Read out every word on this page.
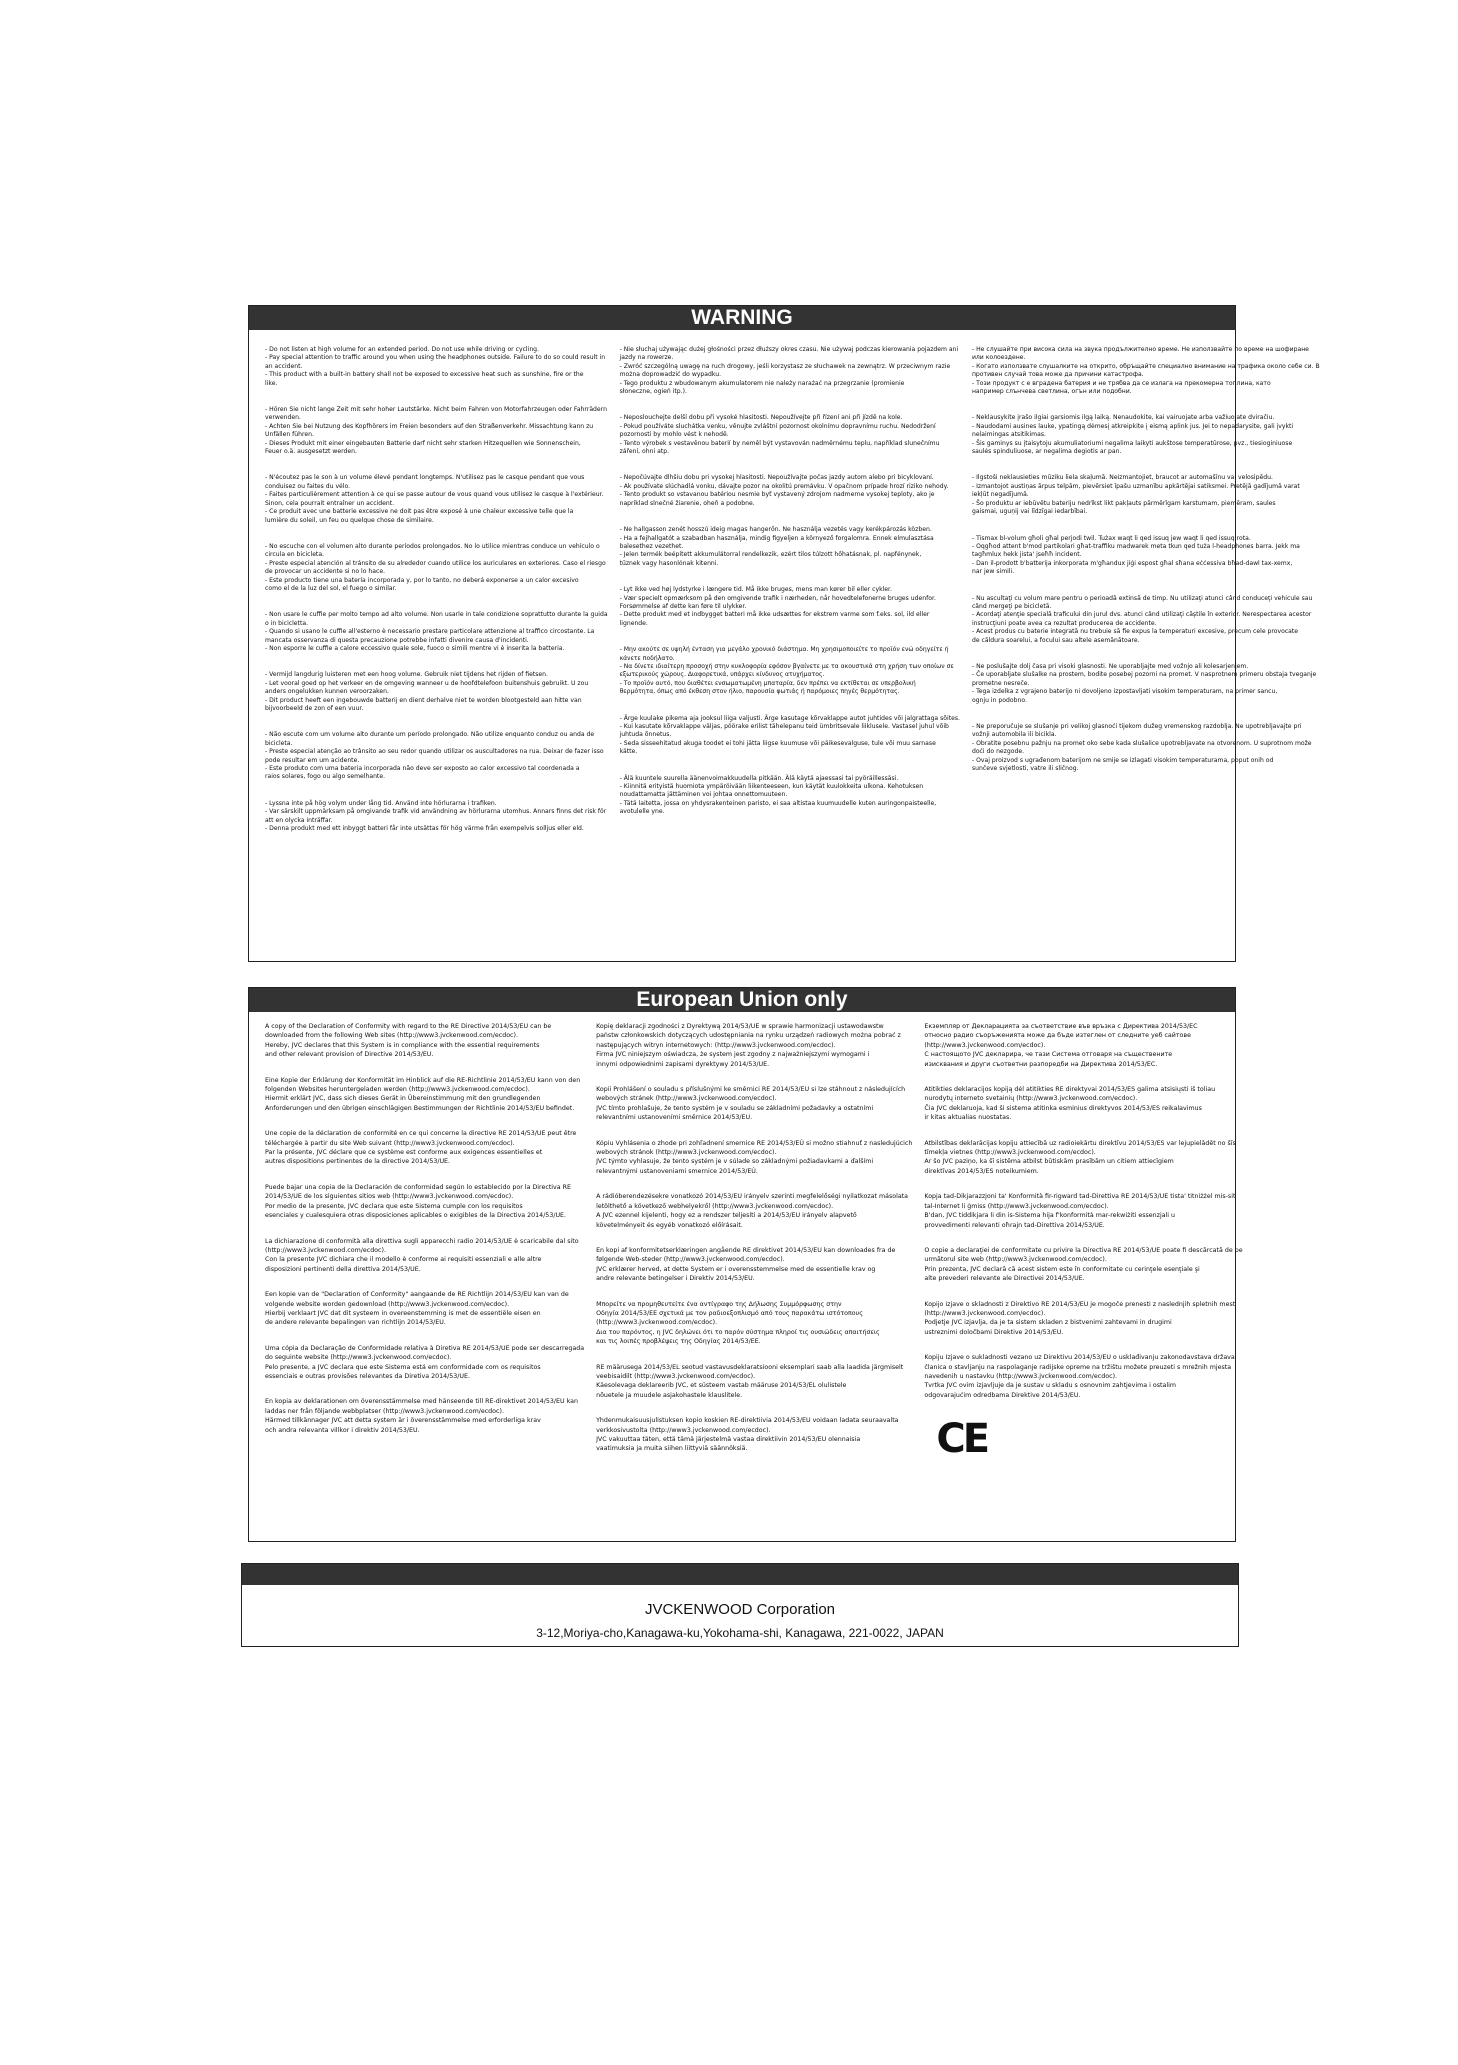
WARNING
- Do not listen at high volume for an extended period. Do not use while driving or cycling.
- Pay special attention to traffic around you when using the headphones outside. Failure to do so could result in
an accident.
- This product with a built-in battery shall not be exposed to excessive heat such as sunshine, fire or the
like.
- Hören Sie nicht lange Zeit mit sehr hoher Lautstärke. Nicht beim Fahren von Motorfahrzeugen oder Fahrrädern
verwenden.
- Achten Sie bei Nutzung des Kopfhörers im Freien besonders auf den Straßenverkehr. Missachtung kann zu
Unfällen führen.
- Dieses Produkt mit einer eingebauten Batterie darf nicht sehr starken Hitzequellen wie Sonnenschein,
Feuer o.ä. ausgesetzt werden.
- N'écoutez pas le son à un volume élevé pendant longtemps. N'utilisez pas le casque pendant que vous
conduisez ou faites du vélo.
- Faites particulièrement attention à ce qui se passe autour de vous quand vous utilisez le casque à l'extérieur.
Sinon, cela pourrait entraîner un accident.
- Ce produit avec une batterie excessive ne doit pas être exposé à une chaleur excessive telle que la
lumière du soleil, un feu ou quelque chose de similaire.
- No escuche con el volumen alto durante períodos prolongados. No lo utilice mientras conduce un vehículo o
circula en bicicleta.
- Preste especial atención al tránsito de su alrededor cuando utilice los auriculares en exteriores. Caso el riesgo
de provocar un accidente si no lo hace.
- Este producto tiene una batería incorporada y, por lo tanto, no deberá exponerse a un calor excesivo
como el de la luz del sol, el fuego o similar.
- Non usare le cuffie per molto tempo ad alto volume. Non usarle in tale condizione soprattutto durante la guida
o in bicicletta.
- Quando si usano le cuffie all'esterno è necessario prestare particolare attenzione al traffico circostante. La
mancata osservanza di questa precauzione potrebbe infatti divenire causa d'incidenti.
- Non esporre le cuffie a calore eccessivo quale sole, fuoco o simili mentre vi è inserita la batteria.
- Vermijd langdurig luisteren met een hoog volume. Gebruik niet tijdens het rijden of fietsen.
- Let vooral goed op het verkeer en de omgeving wanneer u de hoofdtelefoon buitenshuis gebruikt. U zou
anders ongelukken kunnen veroorzaken.
- Dit product heeft een ingebouwde batterij en dient derhalve niet te worden blootgesteld aan hitte van
bijvoorbeeld de zon of een vuur.
- Não escute com um volume alto durante um período prolongado. Não utilize enquanto conduz ou anda de
bicicleta.
- Preste especial atenção ao trânsito ao seu redor quando utilizar os auscultadores na rua. Deixar de fazer isso
pode resultar em um acidente.
- Este produto com uma bateria incorporada não deve ser exposto ao calor excessivo tal coordenada a
raios solares, fogo ou algo semelhante.
- Lyssna inte på hög volym under lång tid. Använd inte hörlurarna i trafiken.
- Var särskilt uppmärksam på omgivande trafik vid användning av hörlurarna utomhus. Annars finns det risk för
att en olycka inträffar.
- Denna produkt med ett inbyggt batteri får inte utsättas för hög värme från exempelvis solljus eller eld.
- Nie słuchaj używając dużej głośności przez dłuższy okres czasu. Nie używaj podczas kierowania pojazdem ani
jazdy na rowerze.
- Zwróć szczególną uwagę na ruch drogowy, jeśli korzystasz ze słuchawek na zewnątrz. W przeciwnym razie
można doprowadzić do wypadku.
- Tego produktu z wbudowanym akumulatorem nie należy narażać na przegrzanie (promienie
słoneczne, ogień itp.).
- Neposlouchejte delší dobu při vysoké hlasitosti. Nepoužívejte při řízení ani při jízdě na kole.
- Pokud používáte sluchátka venku, věnujte zvláštní pozornost okolnímu dopravnímu ruchu. Nedodržení
pozornosti by mohlo vést k nehodě.
- Tento výrobek s vestavěnou baterií by neměl být vystavován nadměrnému teplu, například slunečnímu
záření, ohni atp.
- Nepočúvajte dlhšiu dobu pri vysokej hlasitosti. Nepoužívajte počas jazdy autom alebo pri bicyklovaní.
- Ak používate slúchadlá vonku, dávajte pozor na okolitú premávku. V opačnom prípade hrozí riziko nehody.
- Tento produkt so vstavanou batériou nesmie byť vystavený zdrojom nadmerne vysokej teploty, ako je
napríklad slnečné žiarenie, oheň a podobne.
- Ne hallgasson zenét hosszú ideig magas hangerőn. Ne használja vezetés vagy kerékpározás közben.
- Ha a fejhallgatót a szabadban használja, mindig figyeljen a környező forgalomra. Ennek elmulasztása
balesethez vezethet.
- Jelen termék beépített akkumulátorral rendelkezik, ezért tilos túlzott hőhatásnak, pl. napfénynek,
tűznek vagy hasonlónak kitenni.
- Lyt ikke ved høj lydstyrke i længere tid. Må ikke bruges, mens man kører bil eller cykler.
- Vær specielt opmærksom på den omgivende trafik i nærheden, når hovedtelefonerne bruges udenfor.
Forsømmelse af dette kan føre til ulykker.
- Dette produkt med et indbygget batteri må ikke udsættes for ekstrem varme som f.eks. sol, ild eller
lignende.
- Μην ακούτε σε υψηλή ένταση για μεγάλο χρονικό διάστημα. Μη χρησιμοποιείτε το προϊόν ενώ οδηγείτε ή
κάνετε ποδήλατο.
- Να δίνετε ιδιαίτερη προσοχή στην κυκλοφορία εφόσον βγαίνετε με τα ακουστικά στη χρήση των οποίων σε
εξωτερικούς χώρους. Διαφορετικά, υπάρχει κίνδυνος ατυχήματος.
- Το προϊόν αυτό, που διαθέτει ενσωματωμένη μπαταρία, δεν πρέπει να εκτίθεται σε υπερβολική
θερμότητα, όπως από έκθεση στον ήλιο, παρουσία φωτιάς ή παρόμοιες πηγές θερμότητας.
- Ärge kuulake pikema aja jooksul liiga valjusti. Ärge kasutage kõrvaklappe autot juhtides või jalgrattaga sõites.
- Kui kasutate kõrvaklappe väljas, pöörake erilist tähelepanu teid ümbritsevale liiklusele. Vastasel juhul võib
juhtuda õnnetus.
- Seda sisseehitatud akuga toodet ei tohi jätta liigse kuumuse või päikesevalguse, tule või muu sarnase
kätte.
- Älä kuuntele suurella äänenvoimakkuudella pitkään. Älä käytä ajaessasi tai pyöräillessäsi.
- Kiinnitä erityistä huomiota ympäröivään liikenteeseen, kun käytät kuulokkeita ulkona. Kehotuksen
noudattamatta jättäminen voi johtaa onnettomuuteen.
- Tätä laitetta, jossa on yhdysrakenteinen paristo, ei saa altistaa kuumuudelle kuten auringonpaisteelle,
avotulelle yne.
- Не слушайте при висока сила на звука продължително време. Не използвайте по време на шофиране
или колоездене.
- Когато използвате слушалките на открито, обръщайте специално внимание на трафика около себе си. В
противен случай това може да причини катастрофа.
- Този продукт с е вградена батерия и не трябва да се излага на прекомерна топлина, като
например слънчева светлина, огън или подобни.
- Neklausykite įrašo ilgiai garsiomis ilgą laiką. Nenaudokite, kai vairuojate arba važiuojate dviračiu.
- Naudodami ausines lauke, ypatingą dėmesį atkreipkite į eismą aplink jus. Jei to nepadarysite, gali įvykti
nelaimingas atsitikimas.
- Šis gaminys su įtaisytoju akumuliatoriumi negalima laikyti aukštose temperatūrose, pvz., tiesioginiuose
saulės spinduliuose, ar negalima degiotis ar pan.
- Ilgstoši neklausieties mūziku liela skaļumā. Neizmantojiet, braucot ar automašīnu vai velosipēdu.
- Izmantojot austiņas ārpus telpām, pievērsiet īpašu uzmanību apkārtējai satiksmei. Pretējā gadījumā varat
iekļūt negadījumā.
- Šo produktu ar iebūvētu bateriju nedrīkst likt pakļauts pārmērīgam karstumam, piemēram, saules
gaismai, uguņij vai līdzīgai iedarbībai.
- Tismax bl-volum għoli għal perjodi twil. Tużax waqt li qed issuq jew waqt li qed issuq rota.
- Oqgħod attent b'mod partikolari għat-traffiku madwarek meta tkun qed tuża l-headphones barra. Jekk ma
tagħmlux hekk jista' jseħħ incident.
- Dan il-prodott b'batterija inkorporata m'għandux jiġi espost għal sħana eċċessiva bħad-dawl tax-xemx,
nar jew simili.
- Nu ascultaţi cu volum mare pentru o perioadă extinsă de timp. Nu utilizaţi atunci când conduceţi vehicule sau
când mergeţi pe bicicletă.
- Acordaţi atenţie specială traficului din jurul dvs. atunci când utilizaţi căştile în exterior. Nerespectarea acestor
instrucţiuni poate avea ca rezultat producerea de accidente.
- Acest produs cu baterie integrată nu trebuie să fie expus la temperaturi excesive, precum cele provocate
de căldura soarelui, a focului sau altele asemănătoare.
- Ne poslušajte dolj časa pri visoki glasnosti. Ne uporabljajte med vožnjo ali kolesarjenjem.
- Če uporabljate slušalke na prostem, bodite posebej pozorni na promet. V nasprotnem primeru obstaja tveganje
prometne nesreče.
- Tega izdelka z vgrajeno baterijo ni dovoljeno izpostavljati visokim temperaturam, na primer sancu,
ognju in podobno.
- Ne preporučuje se slušanje pri velikoj glasnoći tijekom dužeg vremenskog razdoblja. Ne upotrebljavajte pri
vožnji automobila ili bicikla.
- Obratite posebnu pažnju na promet oko sebe kada slušalice upotrebljavate na otvorenom. U suprotnom može
doći do nezgode.
- Ovaj proizvod s ugrađenom baterijom ne smije se izlagati visokim temperaturama, poput onih od
sunčeve svjetlosti, vatre ili sličnog.
European Union only
A copy of the Declaration of Conformity with regard to the RE Directive 2014/53/EU can be
downloaded from the following Web sites (http://www3.jvckenwood.com/ecdoc).
Hereby, JVC declares that this System is in compliance with the essential requirements
and other relevant provision of Directive 2014/53/EU.
Eine Kopie der Erklärung der Konformität im Hinblick auf die RE-Richtlinie 2014/53/EU kann von den
folgenden Websites heruntergeladen werden (http://www3.jvckenwood.com/ecdoc).
Hiermit erklärt JVC, dass sich dieses Gerät in Übereinstimmung mit den grundlegenden
Anforderungen und den übrigen einschlägigen Bestimmungen der Richtlinie 2014/53/EU befindet.
Une copie de la déclaration de conformité en ce qui concerne la directive RE 2014/53/UE peut être
téléchargée à partir du site Web suivant (http://www3.jvckenwood.com/ecdoc).
Par la présente, JVC déclare que ce système est conforme aux exigences essentielles et
autres dispositions pertinentes de la directive 2014/53/UE.
Puede bajar una copia de la Declaración de conformidad según lo establecido por la Directiva RE
2014/53/UE de los siguientes sitios web (http://www3.jvckenwood.com/ecdoc).
Por medio de la presente, JVC declara que este Sistema cumple con los requisitos
esenciales y cualesquiera otras disposiciones aplicables o exigibles de la Directiva 2014/53/UE.
La dichiarazione di conformità alla direttiva sugli apparecchi radio 2014/53/UE è scaricabile dal sito
(http://www3.jvckenwood.com/ecdoc).
Con la presente JVC dichiara che il modello è conforme ai requisiti essenziali e alle altre
disposizioni pertinenti della direttiva 2014/53/UE.
Een kopie van de "Declaration of Conformity" aangaande de RE Richtlijn 2014/53/EU kan van de
volgende website worden gedownload (http://www3.jvckenwood.com/ecdoc).
Hierbij verklaart JVC dat dit systeem in overeenstemming is met de essentiële eisen en
de andere relevante bepalingen van richtlijn 2014/53/EU.
Uma cópia da Declaração de Conformidade relativa à Diretiva RE 2014/53/UE pode ser descarregada
do seguinte website (http://www3.jvckenwood.com/ecdoc).
Pelo presente, a JVC declara que este Sistema está em conformidade com os requisitos
essenciais e outras provisões relevantes da Diretiva 2014/53/UE.
En kopia av deklarationen om överensstämmelse med hänseende till RE-direktivet 2014/53/EU kan
laddas ner från följande webbplatser (http://www3.jvckenwood.com/ecdoc).
Härmed tillkännager JVC att detta system är i överensstämmelse med erforderliga krav
och andra relevanta villkor i direktiv 2014/53/EU.
Kopię deklaracji zgodności z Dyrektywą 2014/53/UE w sprawie harmonizacji ustawodawstw
państw członkowskich dotyczących udostępniania na rynku urządzeń radiowych można pobrać z
następujących witryn internetowych: (http://www3.jvckenwood.com/ecdoc).
Firma JVC niniejszym oświadcza, że system jest zgodny z najważniejszymi wymogami i
innymi odpowiednimi zapisami dyrektywy 2014/53/UE.
Kopii Prohlášení o souladu s příslušnými ke směrnici RE 2014/53/EU si lze stáhnout z následujících
webových stránek (http://www3.jvckenwood.com/ecdoc).
JVC tímto prohlašuje, že tento systém je v souladu se základními požadavky a ostatními
relevantními ustanoveními směrnice 2014/53/EU.
Kópiu Vyhlásenia o zhode pri zohľadnení smernice RE 2014/53/EÚ si možno stiahnuť z nasledujúcich
webových stránok (http://www3.jvckenwood.com/ecdoc).
JVC týmto vyhlasuje, že tento systém je v súlade so základnými požiadavkami a ďalšími
relevantnými ustanoveniami smernice 2014/53/EÚ.
A rádióberendezésekre vonatkozó 2014/53/EU irányelv szerinti megfelelőségi nyilatkozat másolata
letölthető a következő webhelyekről (http://www3.jvckenwood.com/ecdoc).
A JVC ezennel kijelenti, hogy ez a rendszer teljesíti a 2014/53/EU irányelv alapvető
követelményeit és egyéb vonatkozó előírásait.
En kopi af konformitetserklæringen angående RE direktivet 2014/53/EU kan downloades fra de
følgende Web-steder (http://www3.jvckenwood.com/ecdoc).
JVC erklærer herved, at dette System er i overensstemmelse med de essentielle krav og
andre relevante betingelser i Direktiv 2014/53/EU.
Μπορείτε να προμηθευτείτε ένα αντίγραφο της Δήλωσης Συμμόρφωσης στην
Οδηγία 2014/53/ΕΕ σχετικά με τον ραδιοεξοπλισμό από τους παρακάτω ιστότοπους
(http://www3.jvckenwood.com/ecdoc).
Δια του παρόντος, η JVC δηλώνει ότι το παρόν σύστημα πληροί τις ουσιώδεις απαιτήσεις
και τις λοιπές προβλέψεις της Οδηγίας 2014/53/ΕΕ.
RE määrusega 2014/53/EL seotud vastavusdeklaratsiooni eksemplari saab alla laadida järgmiselt
veebisaidilt (http://www3.jvckenwood.com/ecdoc).
Käesolevaga deklareerib JVC, et süsteem vastab määruse 2014/53/EL olulistele
nõuetele ja muudele asjakohastele klauslitele.
Yhdenmukaisuusjulistuksen kopio koskien RE-direktiivia 2014/53/EU voidaan ladata seuraavalta
verkkosivustolta (http://www3.jvckenwood.com/ecdoc).
JVC vakuuttaa täten, että tämä järjestelmä vastaa direktiivin 2014/53/EU olennaisia
vaatimuksia ja muita siihen liittyviä säännöksiä.
Екземпляр от Декларацията за съответствие във връзка с Директива 2014/53/ЕС
относно радио съоръженията може да бъде изтеглен от следните уеб сайтове
(http://www3.jvckenwood.com/ecdoc).
С настоящото JVC декларира, че тази Система отговаря на съществените
изисквания и други съответни разпоредби на Директива 2014/53/ЕС.
Atitikties deklaracijos kopiją dėl atitikties RE direktyvai 2014/53/ES galima atsisiųsti iš toliau
nurodytų interneto svetainių (http://www3.jvckenwood.com/ecdoc).
Čia JVC deklaruoja, kad ši sistema atitinka esminius direktyvos 2014/53/ES reikalavimus
ir kitas aktualias nuostatas.
Atbilstības deklarācijas kopiju attiecībā uz radioiekārtu direktīvu 2014/53/ES var lejupielādēt no šīs
tīmekļa vietnes (http://www3.jvckenwood.com/ecdoc).
Ar šo JVC paziņo, ka šī sistēma atbilst būtiskām prasībām un citiem attiecīgiem
direktīvas 2014/53/ES noteikumiem.
Kopja tad-Dikjarazzjoni ta' Konformità fir-rigward tad-Direttiva RE 2014/53/UE tista' titniżżel mis-sit
tal-Internet li ġmiss (http://www3.jvckenwood.com/ecdoc).
B'dan, JVC tiddikjara li din is-Sistema hija f'konformità mar-rekwiżiti essenzjali u
provvedimenti relevanti oħrajn tad-Direttiva 2014/53/UE.
O copie a declaraţiei de conformitate cu privire la Directiva RE 2014/53/UE poate fi descărcată de pe
următorul site web (http://www3.jvckenwood.com/ecdoc).
Prin prezenta, JVC declară că acest sistem este în conformitate cu cerinţele esenţiale şi
alte prevederi relevante ale Directivei 2014/53/UE.
Kopijo izjave o skladnosti z Direktivo RE 2014/53/EU je mogoče prenesti z naslednjih spletnih mest
(http://www3.jvckenwood.com/ecdoc).
Podjetje JVC izjavlja, da je ta sistem skladen z bistvenimi zahtevami in drugimi
ustreznimi določbami Direktive 2014/53/EU.
Kopiju Izjave o sukladnosti vezano uz Direktivu 2014/53/EU o usklađivanju zakonodavstava država
članica o stavljanju na raspolaganje radijske opreme na tržištu možete preuzeti s mrežnih mjesta
navedenih u nastavku (http://www3.jvckenwood.com/ecdoc).
Tvrtka JVC ovim izjavljuje da je sustav u skladu s osnovnim zahtjevima i ostalim
odgovarajućim odredbama Direktive 2014/53/EU.
CE
JVCKENWOOD Corporation
3-12,Moriya-cho,Kanagawa-ku,Yokohama-shi, Kanagawa, 221-0022, JAPAN
